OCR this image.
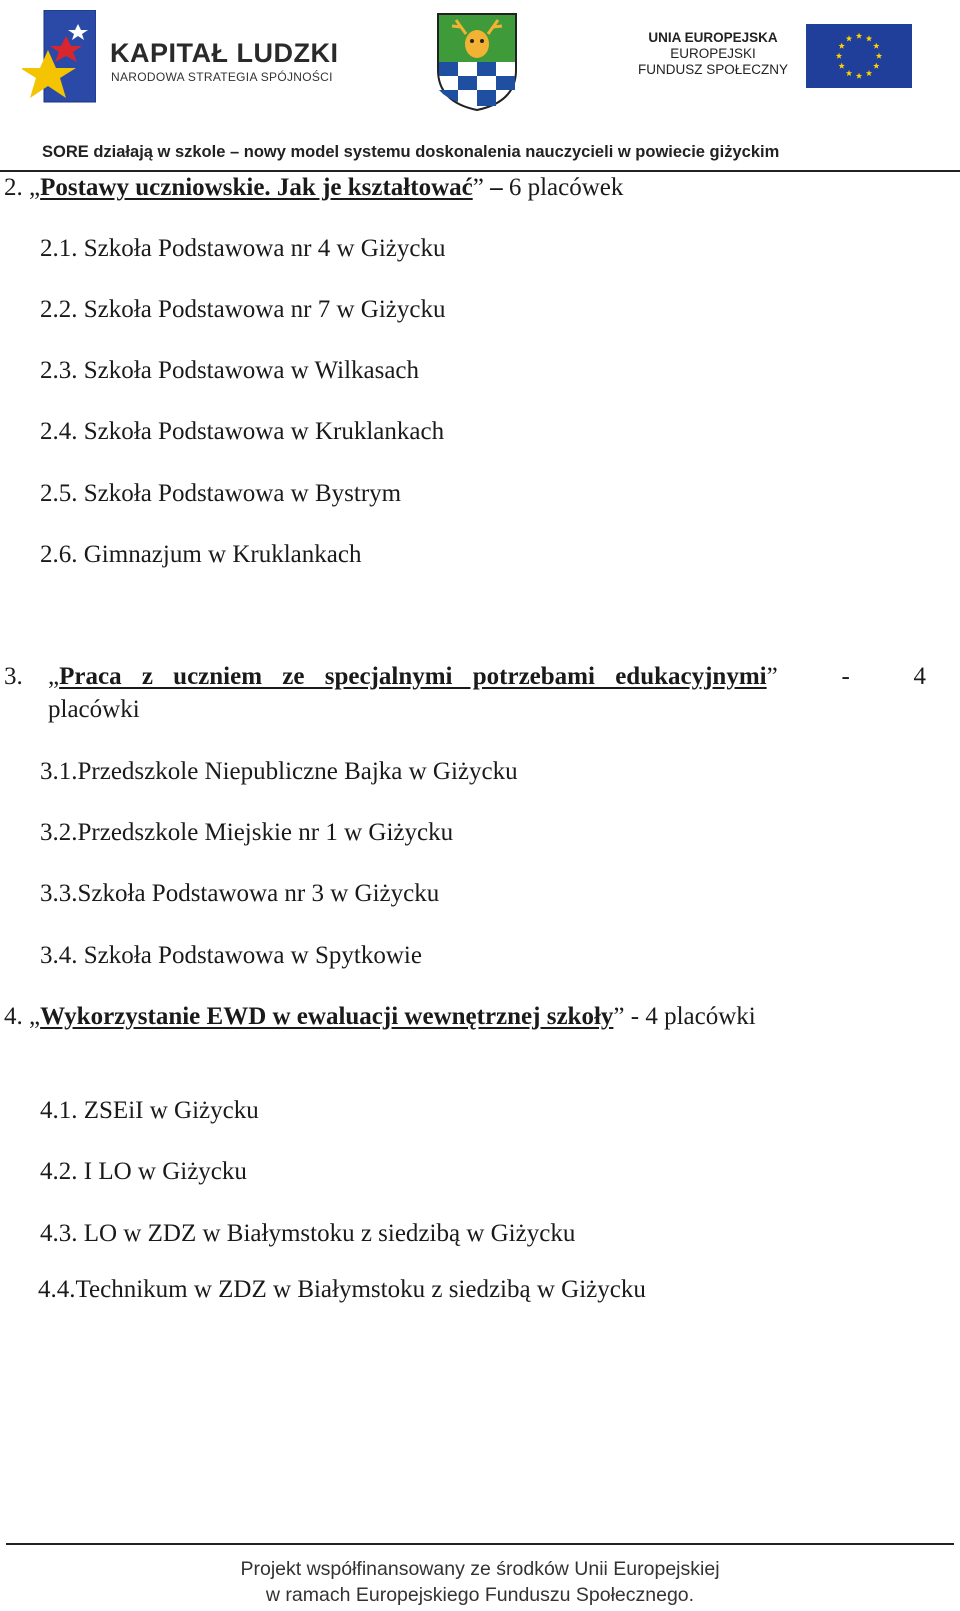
KAPITAŁ LUDZKI
NARODOWA STRATEGIA SPÓJNOŚCI
UNIA EUROPEJSKA
EUROPEJSKI
FUNDUSZ SPOŁECZNY
SORE działają w szkole – nowy model systemu doskonalenia nauczycieli w powiecie giżyckim
2. „Postawy uczniowskie. Jak je kształtować” – 6 placówek
2.1. Szkoła Podstawowa nr 4 w Giżycku
2.2. Szkoła Podstawowa nr 7 w Giżycku
2.3. Szkoła Podstawowa w Wilkasach
2.4. Szkoła Podstawowa w Kruklankach
2.5. Szkoła Podstawowa w Bystrym
2.6. Gimnazjum w Kruklankach
3. „Praca z uczniem ze specjalnymi potrzebami edukacyjnymi”	-	4
placówki
3.1.Przedszkole Niepubliczne Bajka w Giżycku
3.2.Przedszkole Miejskie nr 1 w Giżycku
3.3.Szkoła Podstawowa nr 3 w Giżycku
3.4. Szkoła Podstawowa w Spytkowie
4. „Wykorzystanie EWD w ewaluacji wewnętrznej szkoły” - 4 placówki
4.1. ZSEiI w Giżycku
4.2. I LO w Giżycku
4.3. LO w ZDZ w Białymstoku z siedzibą w Giżycku
4.4.Technikum w ZDZ w Białymstoku z siedzibą w Giżycku
Projekt współfinansowany ze środków Unii Europejskiej
w ramach Europejskiego Funduszu Społecznego.
